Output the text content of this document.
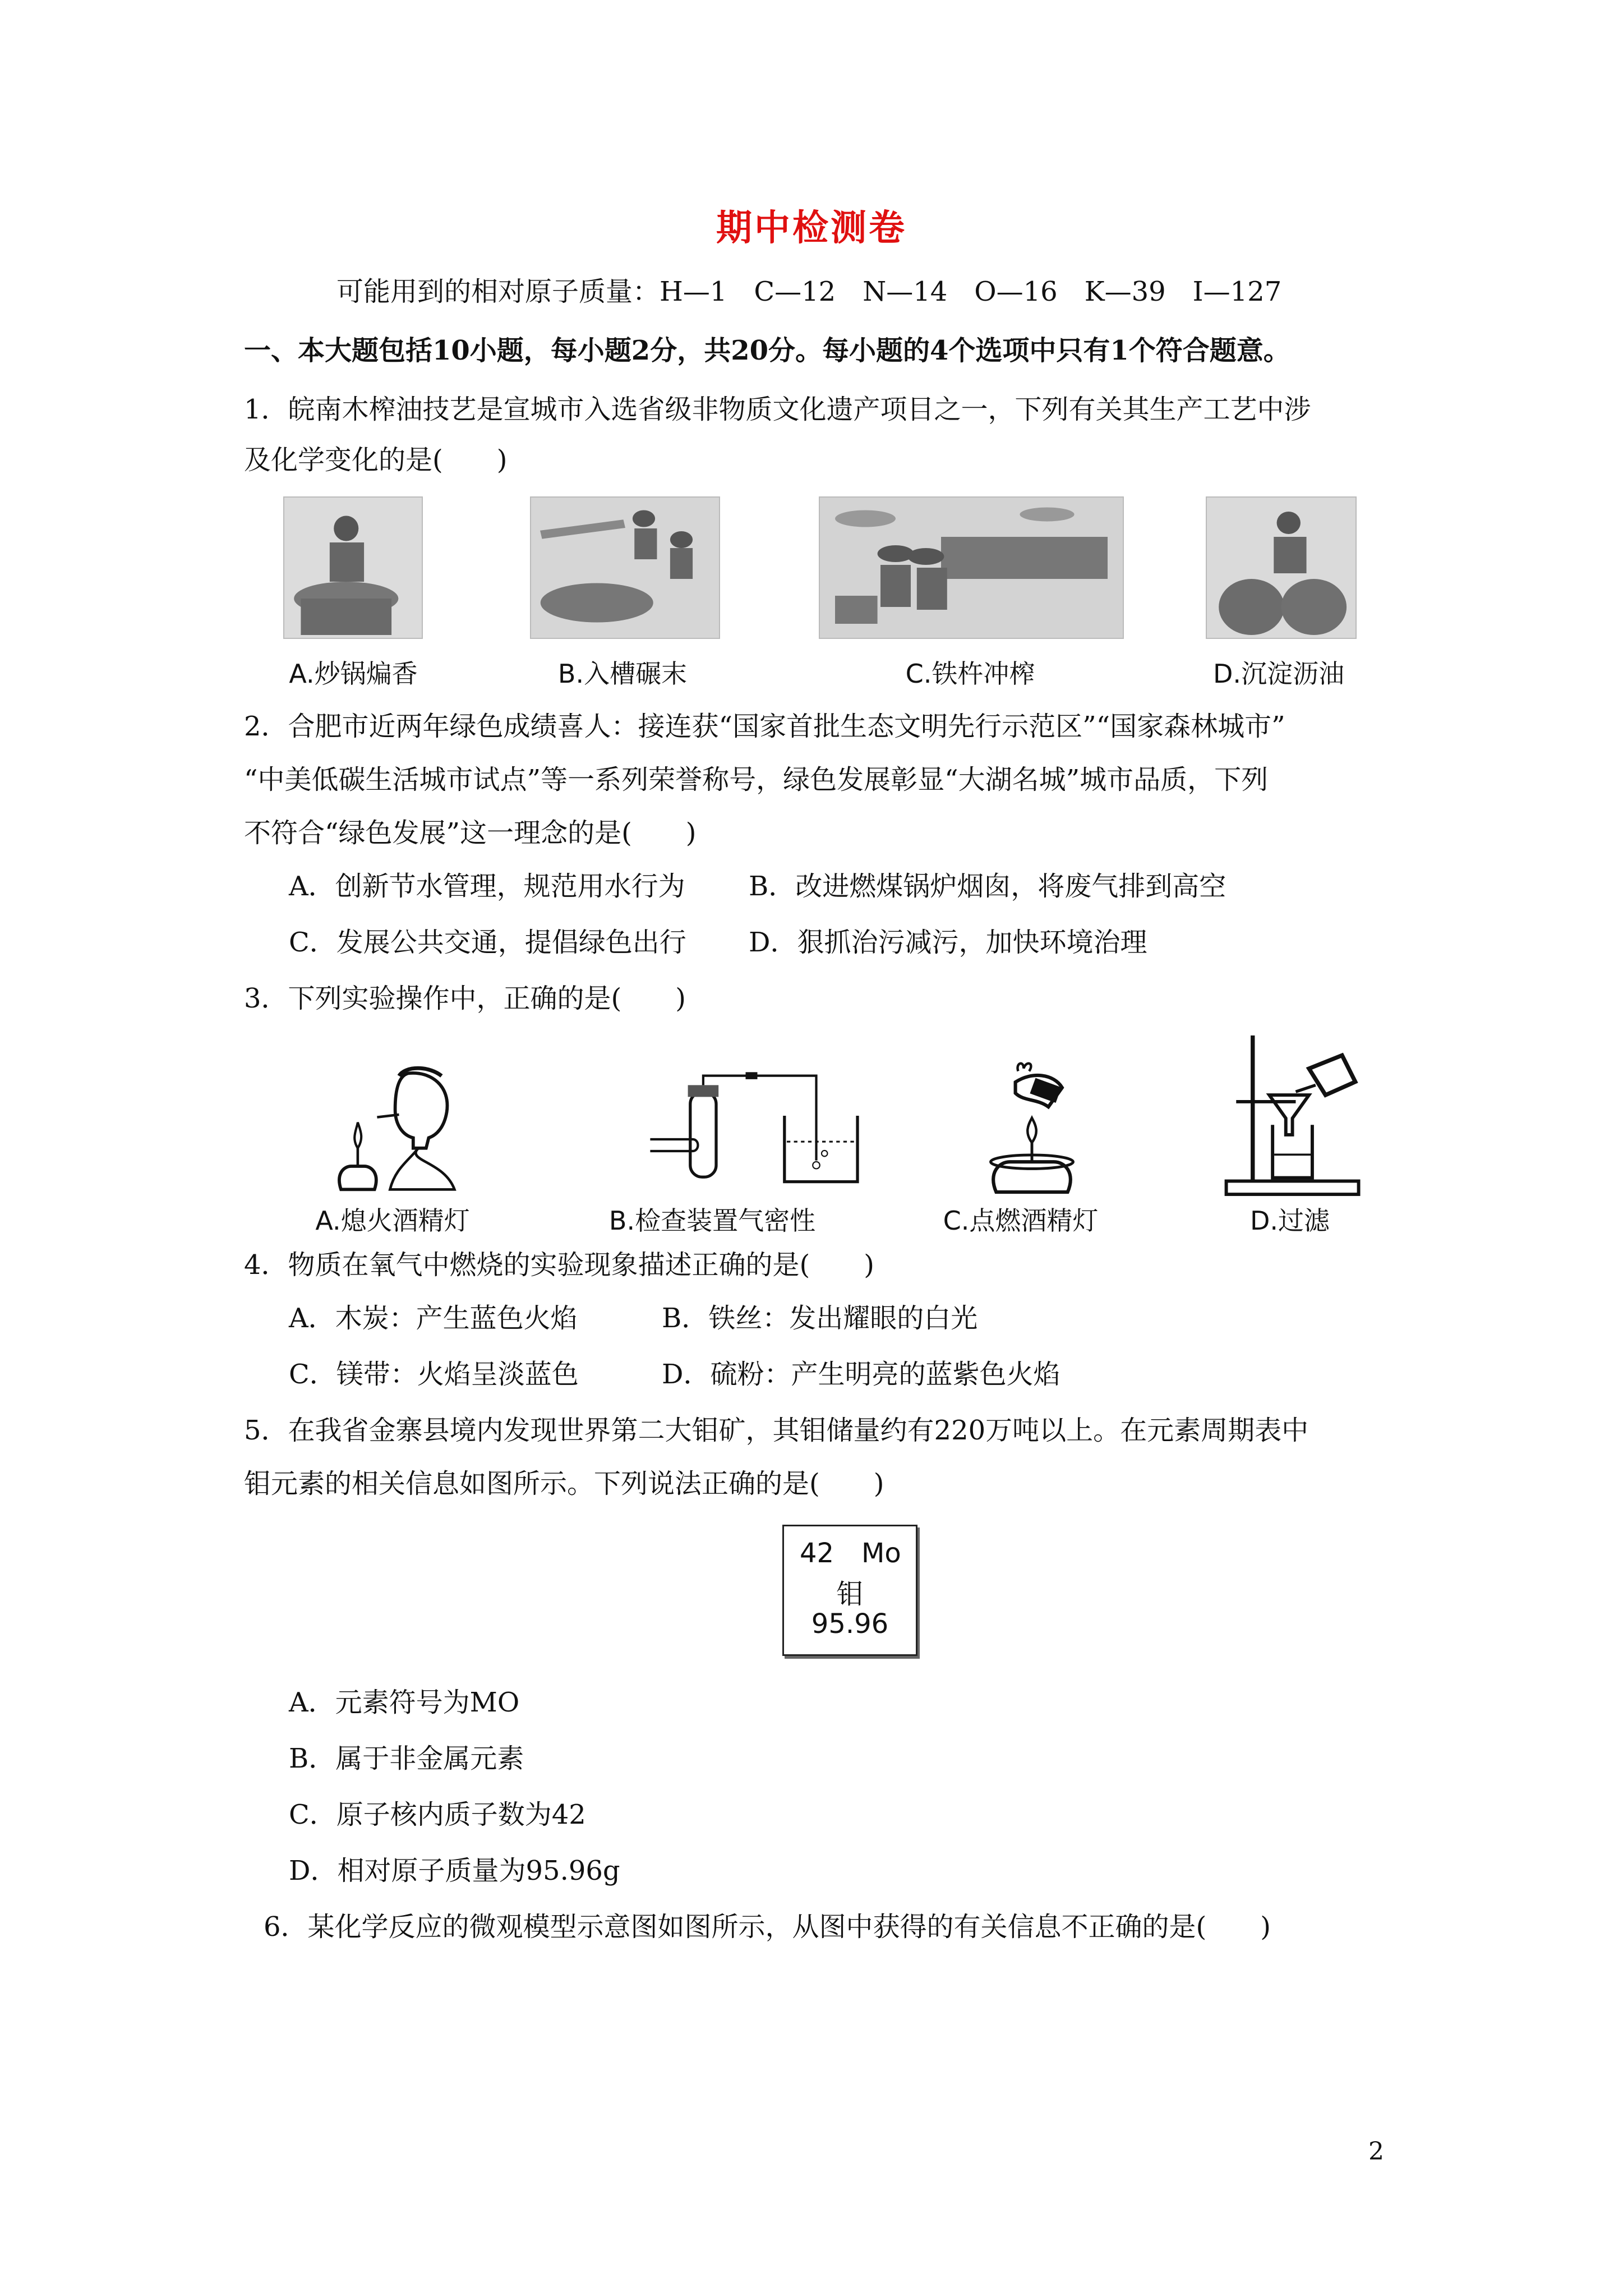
期中检测卷
可能用到的相对原子质量：H—1　C—12　N—14　O—16　K—39　I—127
一、本大题包括10小题，每小题2分，共20分。每小题的4个选项中只有1个符合题意。
1．皖南木榨油技艺是宣城市入选省级非物质文化遗产项目之一，下列有关其生产工艺中涉
及化学变化的是(　　)
A.炒锅煸香	B.入槽碾末	C.铁杵冲榨	D.沉淀沥油
2．合肥市近两年绿色成绩喜人：接连获“国家首批生态文明先行示范区”“国家森林城市”
“中美低碳生活城市试点”等一系列荣誉称号，绿色发展彰显“大湖名城”城市品质，下列
不符合“绿色发展”这一理念的是(　　)
A．创新节水管理，规范用水行为 B．改进燃煤锅炉烟囱，将废气排到高空
C．发展公共交通，提倡绿色出行 D．狠抓治污减污，加快环境治理
3．下列实验操作中，正确的是(　　)
A.熄火酒精灯	B.检查装置气密性	C.点燃酒精灯	D.过滤
4．物质在氧气中燃烧的实验现象描述正确的是(　　)
A．木炭：产生蓝色火焰	B．铁丝：发出耀眼的白光
C．镁带：火焰呈淡蓝色	D．硫粉：产生明亮的蓝紫色火焰
5．在我省金寨县境内发现世界第二大钼矿，其钼储量约有220万吨以上。在元素周期表中
钼元素的相关信息如图所示。下列说法正确的是(　　)
42 Mo
钼
95.96
A．元素符号为MO
B．属于非金属元素
C．原子核内质子数为42
D．相对原子质量为95.96g
6．某化学反应的微观模型示意图如图所示，从图中获得的有关信息不正确的是(　　)
2
